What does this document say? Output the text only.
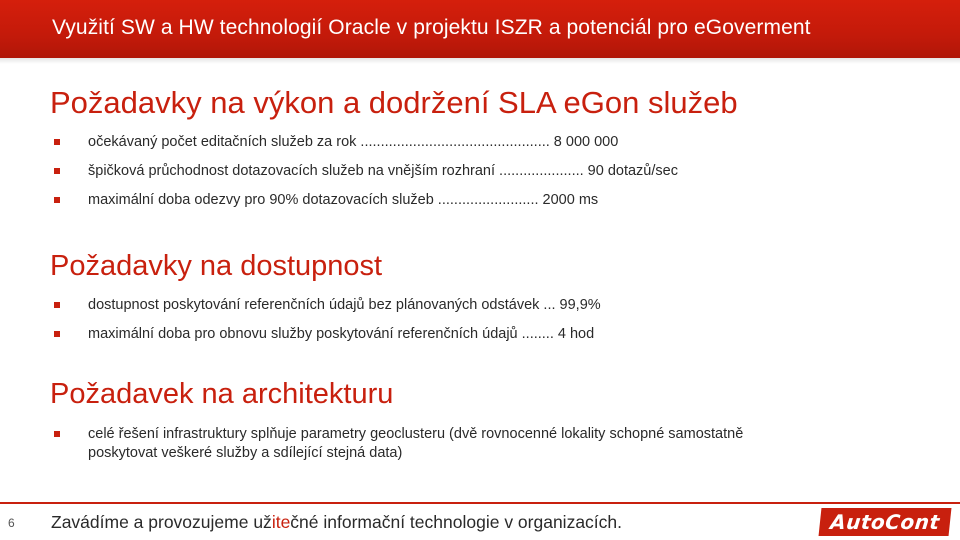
Využití SW a HW technologií Oracle v projektu ISZR a potenciál pro eGoverment
Požadavky na výkon a dodržení SLA eGon služeb
očekávaný počet editačních služeb za rok ............................................... 8 000 000
špičková průchodnost dotazovacích služeb na vnějším rozhraní ..................... 90 dotazů/sec
maximální doba odezvy pro 90% dotazovacích služeb ......................... 2000 ms
Požadavky na dostupnost
dostupnost poskytování referenčních údajů bez plánovaných odstávek ... 99,9%
maximální doba pro obnovu služby poskytování referenčních údajů ........ 4 hod
Požadavek na architekturu
celé řešení infrastruktury splňuje parametry geoclusteru (dvě rovnocenné lokality schopné samostatně poskytovat veškeré služby a sdílející stejná data)
6 Zavádíme a provozujeme užitečné informační technologie v organizacích.	AutoCont
